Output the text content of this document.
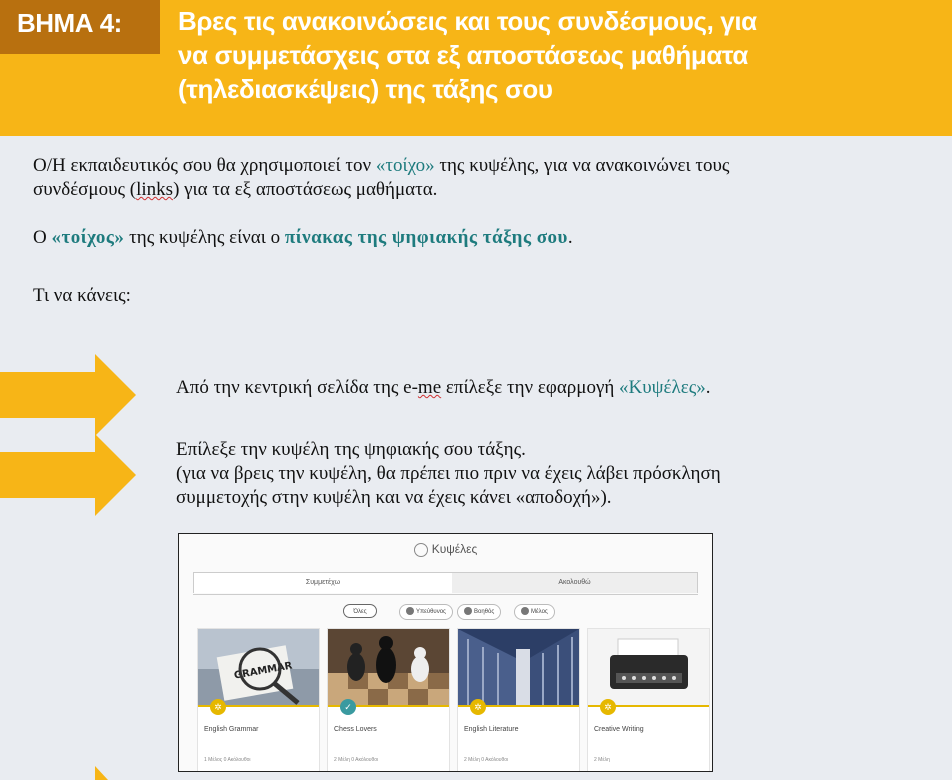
ΒΗΜΑ 4: Βρες τις ανακοινώσεις και τους συνδέσμους, για
να συμμετάσχεις στα εξ αποστάσεως μαθήματα
(τηλεδιασκέψεις) της τάξης σου
Ο/Η εκπαιδευτικός σου θα χρησιμοποιεί τον «τοίχο» της κυψέλης, για να ανακοινώνει τους
συνδέσμους (links) για τα εξ αποστάσεως μαθήματα.
Ο «τοίχος» της κυψέλης είναι ο πίνακας της ψηφιακής τάξης σου.
Τι να κάνεις:
Από την κεντρική σελίδα της e-me επίλεξε την εφαρμογή «Κυψέλες».
Επίλεξε την κυψέλη της ψηφιακής σου τάξης.
(για να βρεις την κυψέλη, θα πρέπει πιο πριν να έχεις λάβει πρόσκληση
συμμετοχής στην κυψέλη και να έχεις κάνει «αποδοχή»).
Κυψέλες
Συμμετέχω	Ακολουθώ
Όλες	Υπεύθυνος	Βοηθός	Μέλος
GRAMMAR
✲
English Grammar
1 Μέλος 0 Ακόλουθοι
✓
Chess Lovers
2 Μέλη 0 Ακόλουθοι
✲
English Literature
2 Μέλη 0 Ακόλουθοι
✲
Creative Writing
2 Μέλη
